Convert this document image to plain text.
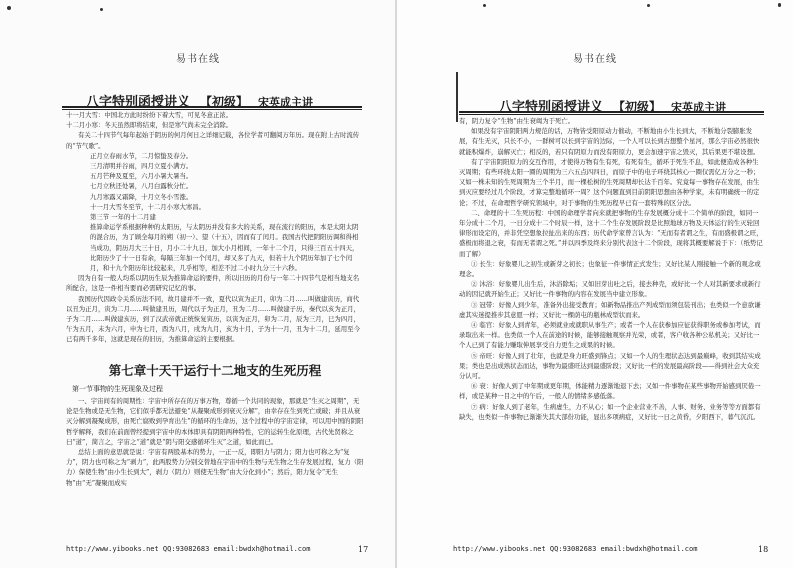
易书在线
八字特别函授讲义 【初级】 宋英成主讲

十一月大雪：中国北方此时纷纷下着大雪，可见冬意正浓。

十二月小寒：冬天虽然即将结束，但是寒气尚未完全消除。

有关二十四节气每年起始于阴历的何月何日之详细记载，各位学者可翻阅万年历。现在附上古时流传的“节气歌”。

正月立春雨水节，二月惊蛰及春分。

三月清明并谷雨，四月立夏小满方。

五月芒种及夏至，六月小暑大暑当。

七月立秋还处暑，八月白露秋分忙。

九月寒露又霜降，十月立冬小雪涨。

十一月大雪冬至节，十二月小寒大寒昌。

第三节 一年的十二月建

推算命运学系根据种种的太阳历，与太阴历并没有多大的关系，现在流行的阳历，本是太阳太阴的混合历，为了顾全每月的朔（初一）、望（十五），因而有了闰月。我国古代把阴阳历调和得相当成功，阴历月大三十日，月小二十九日，加大小月相间，一年十二个月，只得三百五十四天，比阳历少了十一日有余，每隔三年加一个闰月，却又多了九天，但若十九个阴历年加了七个闰月，和十九个阳历年比较起来，几乎相等，相差不过二小时九分三十六秒。

因为自有一般人均系以阴历生辰为推算命运的要件，所以旧历的月份与一年二十四节气是相当地支名所配合，这是一件相当要而必需研究记忆的事。

我国历代因政令关系历法不同，故月建并不一致，夏代以寅为正月，卯为二月……叫做建寅历，商代以丑为正月，寅为二月……叫做建丑历，周代以子为正月，丑为二月……叫做建子历，秦代以亥为正月，子为二月……叫做建亥历，到了汉武帝就正统恢复寅历，以寅为正月，卯为二月，辰为三月，巳为四月，午为五月，未为六月，申为七月，酉为八月，戌为九月，亥为十月，子为十一月，丑为十二月，延用至今已有两千多年，这就是现在的旧历，为推算命运的主要根据。

第七章十天干运行十二地支的生死历程
第一节事物的生死现象及过程

一、宇宙间有的周期性：宇宙中所存在的万事万物，尊循一个共同的现象，那就是“生灭之周期”，无论是生物或是无生物，它们似乎都无法避免“从凝聚成形到衰灭分解”，由幸存在生到死亡或破；并且从衰灭分解到凝聚成形，由死亡腐败到孕育出生”的循环的生命历，这个过程中的宇宙定律，可以用中国的阴阳哲学解释，我们在前面曾经提到宇宙中的本体即具有阴阳两种特性，它的运转生化原理，古代先贤称之曰“道”，简言之，宇宙之“道”就是“阴与阳交感循环生灭”之道，如此而已。

总结上面的意思就是说：宇宙有两股基本的势力，一正一反，即阳力与阴力；阳力也可称之为“复力”，阴力也可称之为“剥力”，此两股势力分别交替地在宇宙中的生物与无生物之生存发展过程，复力（阳力）保使生物“由小生长到大”，剥力（阴力）则使无生物“由大分化到小”；然后，阳力复令“无生物”由“无”凝聚而成实

http://www.yibooks.net QQ:93082683 email:bwdxh@hotmail.com	17
易书在线
八字特别函授讲义 【初级】 宋英成主讲

有，阴力复令“生物”由生衰竭为于死亡。

如果没有宇宙阴阳两力规范的话，万物皆受阳原动力催动，不断地由小生长到大，不断地分裂膨胀发展，有生无灭，只长不小，一群树可以长到宇宙的边际，一个人可以长到古想整个星河，那么宇宙必然很快就能积爆炸，崩解灭亡；相反的，若只有阴原力而没有阳原力，更会加速宇宙之毁灭，其后果更不堪设想。

有了宇宙阴阳原力的交互作用，才使得万物有生有死，有死有生，循环于死生不息，如此便造成各种生灭周期；有些环绕太阳一圈的周期为三六五点四四日，而原子中的电子环绕其核心一圈仅需亿万分之一秒；又如一株未知的生死周期为三个半月，而一棵松树的生死周期却长达千百年。究竟每一事物存在发展，由生到灭应要经过几个阶段，才算完整地循环一周？这个问题直到目前阴阳思想由各种学家，未有明确统一的定论；不过，在命理哲学研究领域中，对于事物的生死历程早已有一套特殊的区分法。

二、命理的十二生死历程：中国的命理学者向来就把事物的生存发展概分成十二个简单的阶段，如同一年分成十二个月，一日分成十二个时辰一样，这十二个生存发展阶段是比照地球万物及天体运行的生灭轮回律形而设定的，并非凭空想象拉扯出来的东西；历代命学家曾言认为：“无而有者谓之生，有而盛极谓之旺，盛极而将退之衰，有而无者谓之死。”并以四季及终来分别代表这十二个阶段，现将其概要解说于下：（纸势记而了解）

① 长生：好象婴儿之初生或新芽之初长；也象征一件事情正式发生；又好比某人刚接触一个新的观念或理念。

② 沐浴：好象婴儿出生后，沐浴除垢；又如旧芽出吐之后，接去种壳，或好比一个人对其新要求或新行动的因记就开始生正；又好比一件事物的内容在发展当中建立形象。

③ 冠带：好像人到少年，准备外出接受教育；如新物品推出产列成型而须包装刊出；也类似一个意欲谦虚其实迷提推步其意愿一样；又好比一棵荫屯的瓶林成型状而来。

④ 临官：好象人到青年，必须就业或就职从事生产；或者一个人在获参加应征获得职务或参加考试，而录取出来一样。也类似一个人在前途的时候，能够接触观察并光荣，或者，客户收各种公私机关；又好比一个人已到了有能力赚取伸展享受自力更生之成果的时候。

⑤ 帝旺：好像人到了壮年，也就是身力旺盛到锋点；又如一个人的生理状态达到最巅峰，收到其结实成果；类也是出成熟状态而达，事物为最盛旺达到最盛阶段；又好比一栏的发展最高阶段——得到社会大众充分认可。

⑥ 衰：好像人到了中年期或更年期，体能精力逐渐地退下去；又如一件事物在某些事物开始感到厌倦一样，或是某种一目之中的午后，一般人的情绪多感低落。

⑦ 病：好象人到了老年，生病虚生，力不从心；如一个企业营业不善，人事、财务、业务等等方面都有缺失，也类似一件事物已渐渐失其大部份功能，显出多项病症，又好比一日之黄昏，夕阳西下，暮气沉沉。

http://www.yibooks.net QQ:93082683 email:bwdxh@hotmail.com	18
